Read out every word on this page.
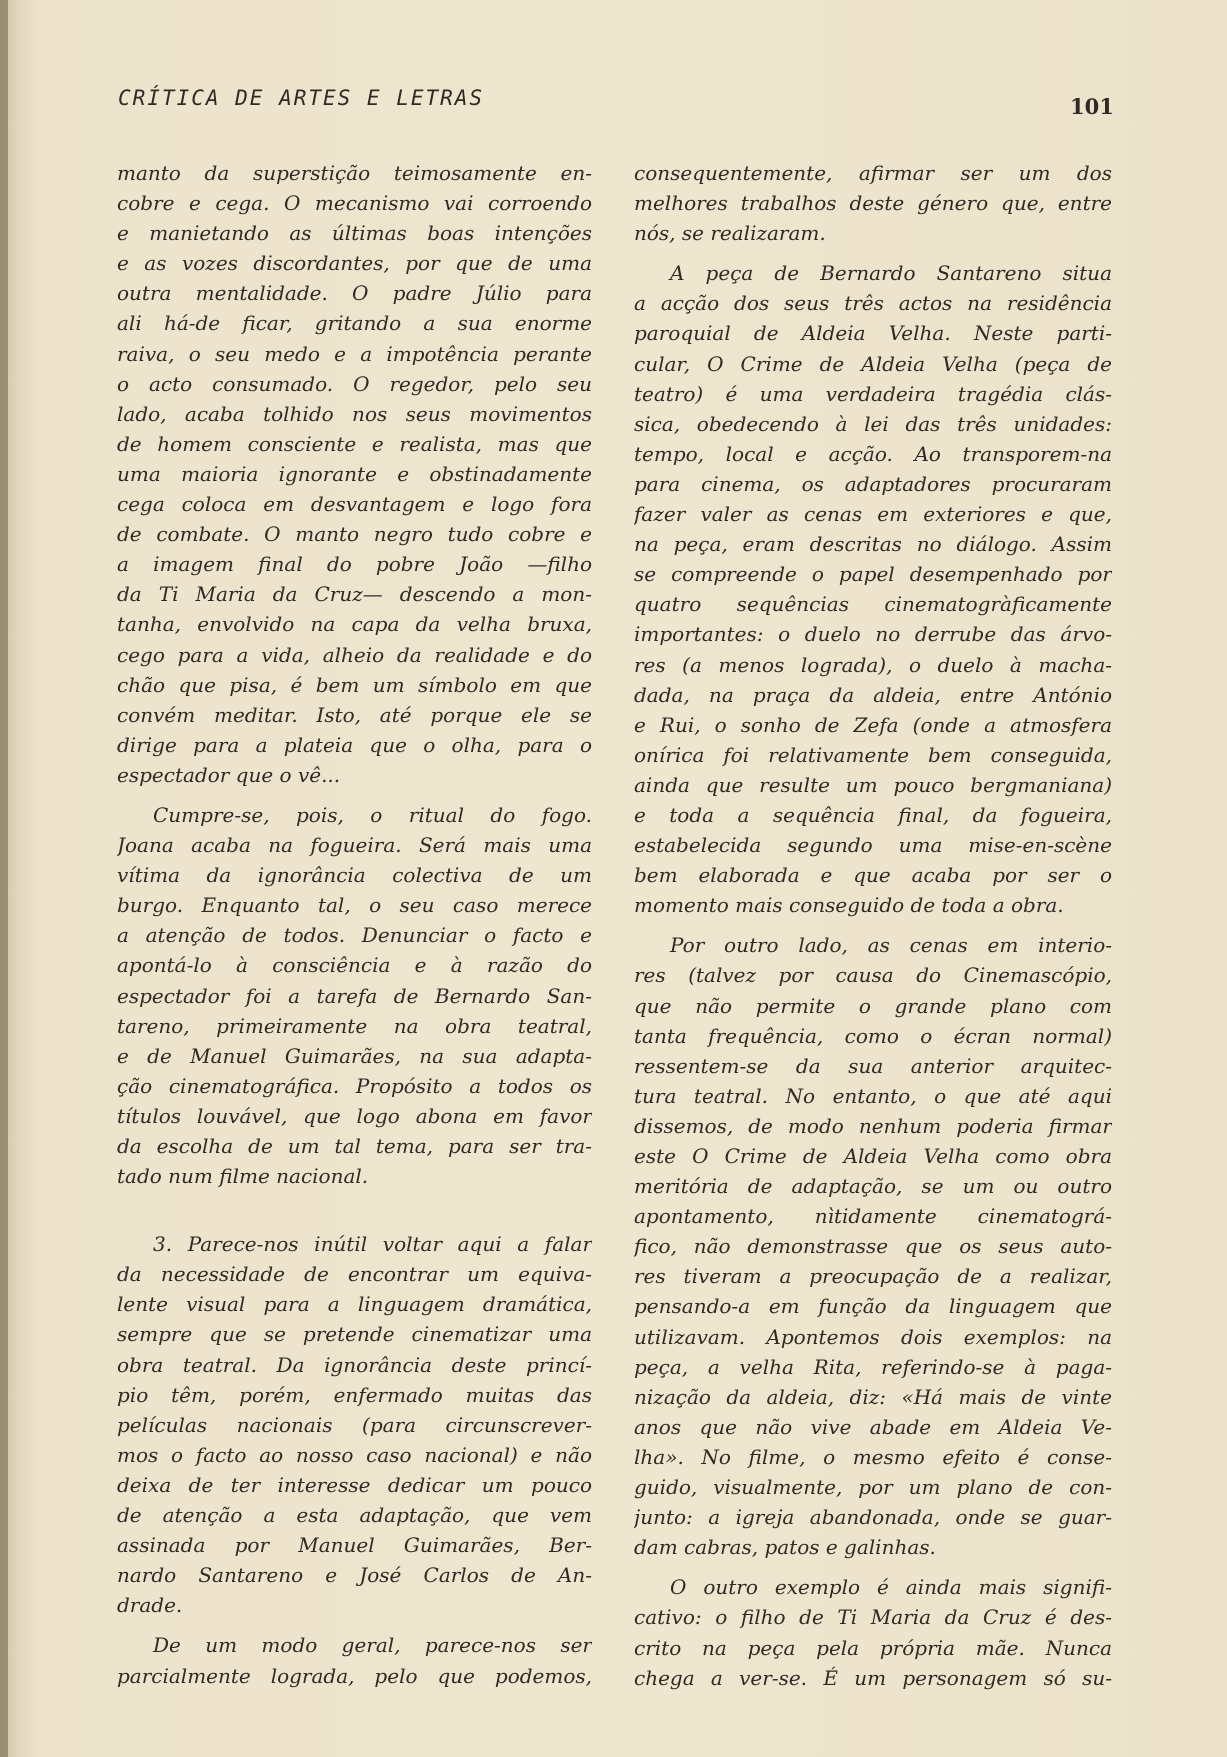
CRÍTICA DE ARTES E LETRAS	101
manto da superstição teimosamente en-
cobre e cega. O mecanismo vai corroendo
e manietando as últimas boas intenções
e as vozes discordantes, por que de uma
outra mentalidade. O padre Júlio para
ali há-de ficar, gritando a sua enorme
raiva, o seu medo e a impotência perante
o acto consumado. O regedor, pelo seu
lado, acaba tolhido nos seus movimentos
de homem consciente e realista, mas que
uma maioria ignorante e obstinadamente
cega coloca em desvantagem e logo fora
de combate. O manto negro tudo cobre e
a imagem final do pobre João —filho
da Ti Maria da Cruz— descendo a mon-
tanha, envolvido na capa da velha bruxa,
cego para a vida, alheio da realidade e do
chão que pisa, é bem um símbolo em que
convém meditar. Isto, até porque ele se
dirige para a plateia que o olha, para o
espectador que o vê...
Cumpre-se, pois, o ritual do fogo.
Joana acaba na fogueira. Será mais uma
vítima da ignorância colectiva de um
burgo. Enquanto tal, o seu caso merece
a atenção de todos. Denunciar o facto e
apontá-lo à consciência e à razão do
espectador foi a tarefa de Bernardo San-
tareno, primeiramente na obra teatral,
e de Manuel Guimarães, na sua adapta-
ção cinematográfica. Propósito a todos os
títulos louvável, que logo abona em favor
da escolha de um tal tema, para ser tra-
tado num filme nacional.
3. Parece-nos inútil voltar aqui a falar
da necessidade de encontrar um equiva-
lente visual para a linguagem dramática,
sempre que se pretende cinematizar uma
obra teatral. Da ignorância deste princí-
pio têm, porém, enfermado muitas das
películas nacionais (para circunscrever-
mos o facto ao nosso caso nacional) e não
deixa de ter interesse dedicar um pouco
de atenção a esta adaptação, que vem
assinada por Manuel Guimarães, Ber-
nardo Santareno e José Carlos de An-
drade.
De um modo geral, parece-nos ser
parcialmente lograda, pelo que podemos,
consequentemente, afirmar ser um dos
melhores trabalhos deste género que, entre
nós, se realizaram.
A peça de Bernardo Santareno situa
a acção dos seus três actos na residência
paroquial de Aldeia Velha. Neste parti-
cular, O Crime de Aldeia Velha (peça de
teatro) é uma verdadeira tragédia clás-
sica, obedecendo à lei das três unidades:
tempo, local e acção. Ao transporem-na
para cinema, os adaptadores procuraram
fazer valer as cenas em exteriores e que,
na peça, eram descritas no diálogo. Assim
se compreende o papel desempenhado por
quatro sequências cinematogràficamente
importantes: o duelo no derrube das árvo-
res (a menos lograda), o duelo à macha-
dada, na praça da aldeia, entre António
e Rui, o sonho de Zefa (onde a atmosfera
onírica foi relativamente bem conseguida,
ainda que resulte um pouco bergmaniana)
e toda a sequência final, da fogueira,
estabelecida segundo uma mise-en-scène
bem elaborada e que acaba por ser o
momento mais conseguido de toda a obra.
Por outro lado, as cenas em interio-
res (talvez por causa do Cinemascópio,
que não permite o grande plano com
tanta frequência, como o écran normal)
ressentem-se da sua anterior arquitec-
tura teatral. No entanto, o que até aqui
dissemos, de modo nenhum poderia firmar
este O Crime de Aldeia Velha como obra
meritória de adaptação, se um ou outro
apontamento, nìtidamente cinematográ-
fico, não demonstrasse que os seus auto-
res tiveram a preocupação de a realizar,
pensando-a em função da linguagem que
utilizavam. Apontemos dois exemplos: na
peça, a velha Rita, referindo-se à paga-
nização da aldeia, diz: «Há mais de vinte
anos que não vive abade em Aldeia Ve-
lha». No filme, o mesmo efeito é conse-
guido, visualmente, por um plano de con-
junto: a igreja abandonada, onde se guar-
dam cabras, patos e galinhas.
O outro exemplo é ainda mais signifi-
cativo: o filho de Ti Maria da Cruz é des-
crito na peça pela própria mãe. Nunca
chega a ver-se. É um personagem só su-
